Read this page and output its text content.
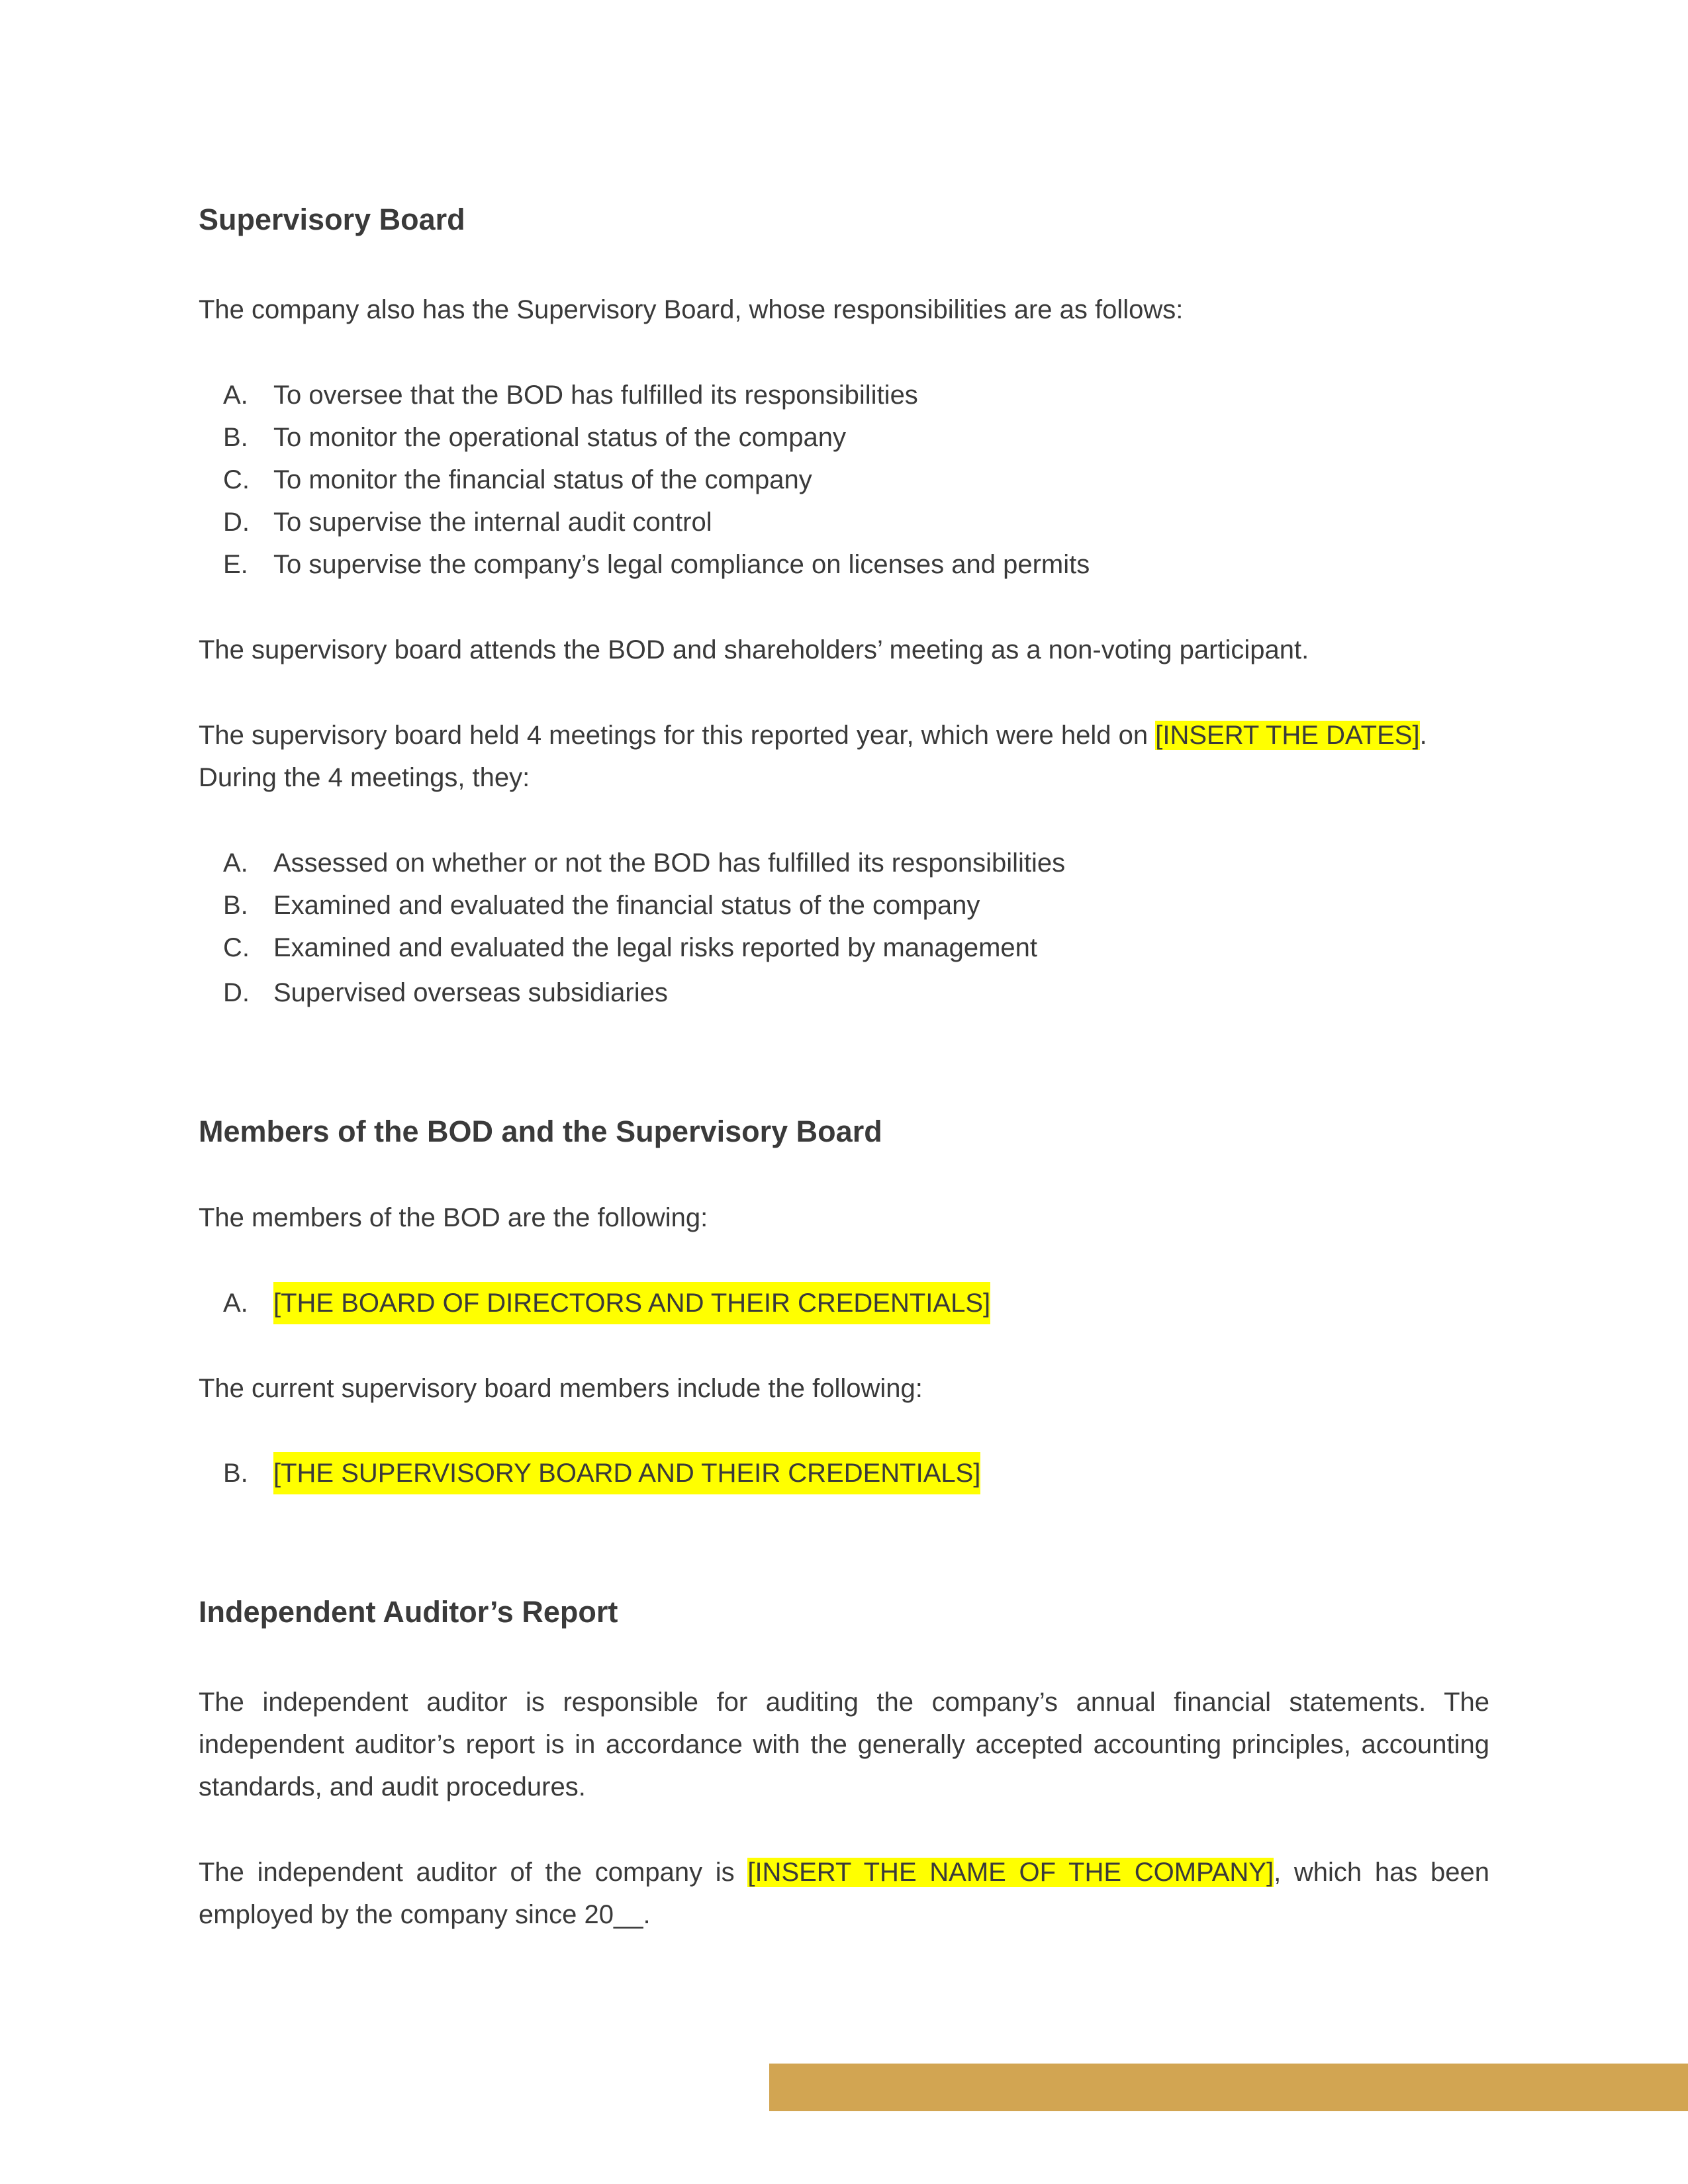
Supervisory Board
The company also has the Supervisory Board, whose responsibilities are as follows:
A. To oversee that the BOD has fulfilled its responsibilities
B. To monitor the operational status of the company
C. To monitor the financial status of the company
D. To supervise the internal audit control
E. To supervise the company’s legal compliance on licenses and permits
The supervisory board attends the BOD and shareholders’ meeting as a non-voting participant.
The supervisory board held 4 meetings for this reported year, which were held on [INSERT THE DATES].
During the 4 meetings, they:
A. Assessed on whether or not the BOD has fulfilled its responsibilities
B. Examined and evaluated the financial status of the company
C. Examined and evaluated the legal risks reported by management
D. Supervised overseas subsidiaries
Members of the BOD and the Supervisory Board
The members of the BOD are the following:
A. [THE BOARD OF DIRECTORS AND THEIR CREDENTIALS]
The current supervisory board members include the following:
B. [THE SUPERVISORY BOARD AND THEIR CREDENTIALS]
Independent Auditor’s Report
The independent auditor is responsible for auditing the company’s annual financial statements. The independent auditor’s report is in accordance with the generally accepted accounting principles, accounting standards, and audit procedures.
The independent auditor of the company is [INSERT THE NAME OF THE COMPANY], which has been employed by the company since 20__.
